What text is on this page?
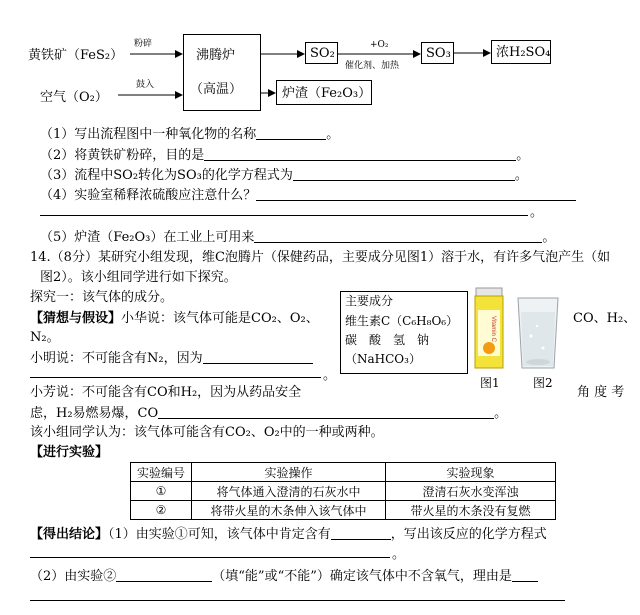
黄铁矿（FeS₂）
粉碎
空气（O₂）
鼓入
沸腾炉
（高温）
SO₂
+O₂
催化剂、加热
SO₃	浓H₂SO₄
炉渣（Fe₂O₃）
（1）写出流程图中一种氧化物的名称	。
（2）将黄铁矿粉碎，目的是	。
（3）流程中SO₂转化为SO₃的化学方程式为	。
（4）实验室稀释浓硫酸应注意什么？
。
（5）炉渣（Fe₂O₃）在工业上可用来	。
14.（8分）某研究小组发现，维C泡腾片（保健药品，主要成分见图1）溶于水，有许多气泡产生（如
图2）。该小组同学进行如下探究。
探究一：该气体的成分。
【猜想与假设】小华说：该气体可能是CO₂、O₂、	CO、H₂、
N₂。
小明说：不可能含有N₂，因为
。
小芳说：不可能含有CO和H₂，因为从药品安全	角 度 考
虑，H₂易燃易爆，CO	。
该小组同学认为：该气体可能含有CO₂、O₂中的一种或两种。
主要成分
维生素C（C₆H₈O₆）
碳　酸　氢　钠
（NaHCO₃）
Vitamin C
图1	图2
【进行实验】
实验编号	实验操作	实验现象
①	将气体通入澄清的石灰水中	澄清石灰水变浑浊
②	将带火星的木条伸入该气体中	带火星的木条没有复燃
【得出结论】（1）由实验①可知，该气体中肯定含有	，写出该反应的化学方程式
。
（2）由实验②	（填“能”或“不能”）确定该气体中不含氧气，理由是
